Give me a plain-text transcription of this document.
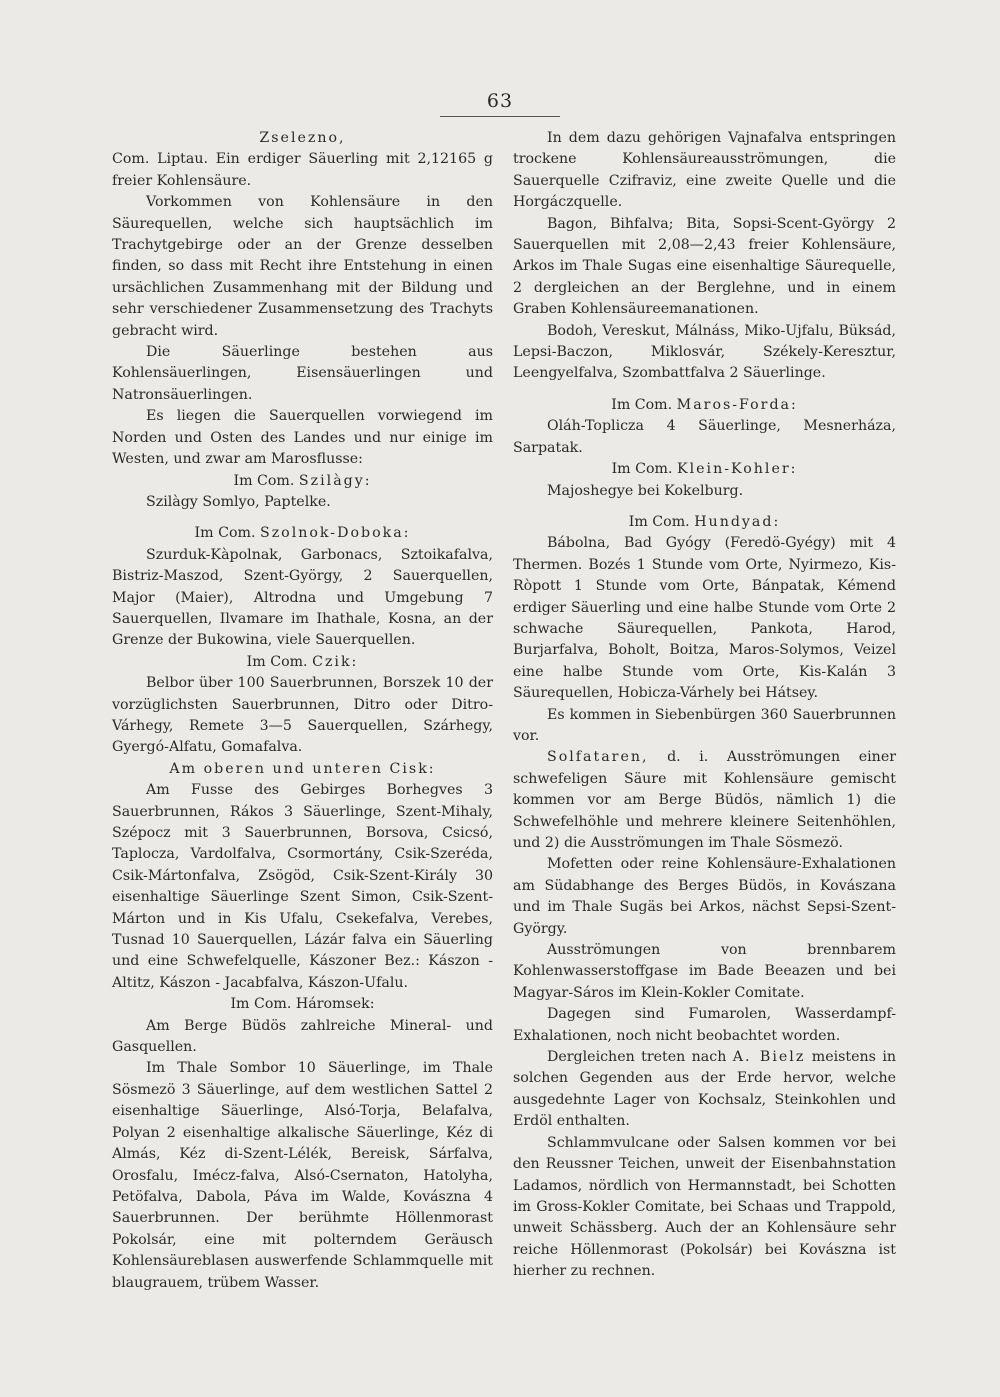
63
Zselezno,

Com. Liptau. Ein erdiger Säuerling mit 2,12165 g freier Kohlensäure.

Vorkommen von Kohlensäure in den Säurequellen, welche sich hauptsächlich im Trachytgebirge oder an der Grenze desselben finden, so dass mit Recht ihre Entstehung in einen ursächlichen Zusammenhang mit der Bildung und sehr verschiedener Zusammensetzung des Trachyts gebracht wird.

Die Säuerlinge bestehen aus Kohlensäuerlingen, Eisensäuerlingen und Natronsäuerlingen.

Es liegen die Sauerquellen vorwiegend im Norden und Osten des Landes und nur einige im Westen, und zwar am Marosflusse:

Im Com. Szilàgy:

Szilàgy Somlyo, Paptelke.

Im Com. Szolnok-Doboka:

Szurduk-Kàpolnak, Garbonacs, Sztoikafalva, Bistriz-Maszod, Szent-György, 2 Sauerquellen, Major (Maier), Altrodna und Umgebung 7 Sauerquellen, Ilvamare im Ihathale, Kosna, an der Grenze der Bukowina, viele Sauerquellen.

Im Com. Czik:

Belbor über 100 Sauerbrunnen, Borszek 10 der vorzüglichsten Sauerbrunnen, Ditro oder Ditro-Várhegy, Remete 3—5 Sauerquellen, Szárhegy, Gyergó-Alfatu, Gomafalva.

Am oberen und unteren Cisk:

Am Fusse des Gebirges Borhegves 3 Sauerbrunnen, Rákos 3 Säuerlinge, Szent-Mihaly, Szépocz mit 3 Sauerbrunnen, Borsova, Csicsó, Taplocza, Vardolfalva, Csormortány, Csik-Szeréda, Csik-Mártonfalva, Zsögöd, Csik-Szent-Király 30 eisenhaltige Säuerlinge Szent Simon, Csik-Szent-Márton und in Kis Ufalu, Csekefalva, Verebes, Tusnad 10 Sauerquellen, Lázár falva ein Säuerling und eine Schwefelquelle, Kászoner Bez.: Kászon - Altitz, Kászon - Jacabfalva, Kászon-Ufalu.

Im Com. Háromsek:

Am Berge Büdös zahlreiche Mineral- und Gasquellen.

Im Thale Sombor 10 Säuerlinge, im Thale Sösmezö 3 Säuerlinge, auf dem westlichen Sattel 2 eisenhaltige Säuerlinge, Alsó-Torja, Belafalva, Polyan 2 eisenhaltige alkalische Säuerlinge, Kéz di Almás, Kéz di-Szent-Lélék, Bereisk, Sárfalva, Orosfalu, Imécz-falva, Alsó-Csernaton, Hatolyha, Petöfalva, Dabola, Páva im Walde, Kovászna 4 Sauerbrunnen. Der berühmte Höllenmorast Pokolsár, eine mit polterndem Geräusch Kohlensäureblasen auswerfende Schlammquelle mit blaugrauem, trübem Wasser.

In dem dazu gehörigen Vajnafalva entspringen trockene Kohlensäureausströmungen, die Sauerquelle Czifraviz, eine zweite Quelle und die Horgáczquelle.

Bagon, Bihfalva; Bita, Sopsi-Scent-György 2 Sauerquellen mit 2,08—2,43 freier Kohlensäure, Arkos im Thale Sugas eine eisenhaltige Säurequelle, 2 dergleichen an der Berglehne, und in einem Graben Kohlensäureemanationen.

Bodoh, Vereskut, Málnáss, Miko-Ujfalu, Büksád, Lepsi-Baczon, Miklosvár, Székely-Keresztur, Leengyelfalva, Szombattfalva 2 Säuerlinge.

Im Com. Maros-Forda:

Oláh-Toplicza 4 Säuerlinge, Mesnerháza, Sarpatak.

Im Com. Klein-Kohler:

Majoshegye bei Kokelburg.

Im Com. Hundyad:

Bábolna, Bad Gyógy (Feredö-Gyégy) mit 4 Thermen. Bozés 1 Stunde vom Orte, Nyirmezo, Kis-Ròpott 1 Stunde vom Orte, Bánpatak, Kémend erdiger Säuerling und eine halbe Stunde vom Orte 2 schwache Säurequellen, Pankota, Harod, Burjarfalva, Boholt, Boitza, Maros-Solymos, Veizel eine halbe Stunde vom Orte, Kis-Kalán 3 Säurequellen, Hobicza-Várhely bei Hátsey.

Es kommen in Siebenbürgen 360 Sauerbrunnen vor.

Solfataren, d. i. Ausströmungen einer schwefeligen Säure mit Kohlensäure gemischt kommen vor am Berge Büdös, nämlich 1) die Schwefelhöhle und mehrere kleinere Seitenhöhlen, und 2) die Ausströmungen im Thale Sösmezö.

Mofetten oder reine Kohlensäure-Exhalationen am Südabhange des Berges Büdös, in Kovászana und im Thale Sugäs bei Arkos, nächst Sepsi-Szent-György.

Ausströmungen von brennbarem Kohlenwasserstoffgase im Bade Beeazen und bei Magyar-Sáros im Klein-Kokler Comitate.

Dagegen sind Fumarolen, Wasserdampf-Exhalationen, noch nicht beobachtet worden.

Dergleichen treten nach A. Bielz meistens in solchen Gegenden aus der Erde hervor, welche ausgedehnte Lager von Kochsalz, Steinkohlen und Erdöl enthalten.

Schlammvulcane oder Salsen kommen vor bei den Reussner Teichen, unweit der Eisenbahnstation Ladamos, nördlich von Hermannstadt, bei Schotten im Gross-Kokler Comitate, bei Schaas und Trappold, unweit Schässberg. Auch der an Kohlensäure sehr reiche Höllenmorast (Pokolsár) bei Kovászna ist hierher zu rechnen.
